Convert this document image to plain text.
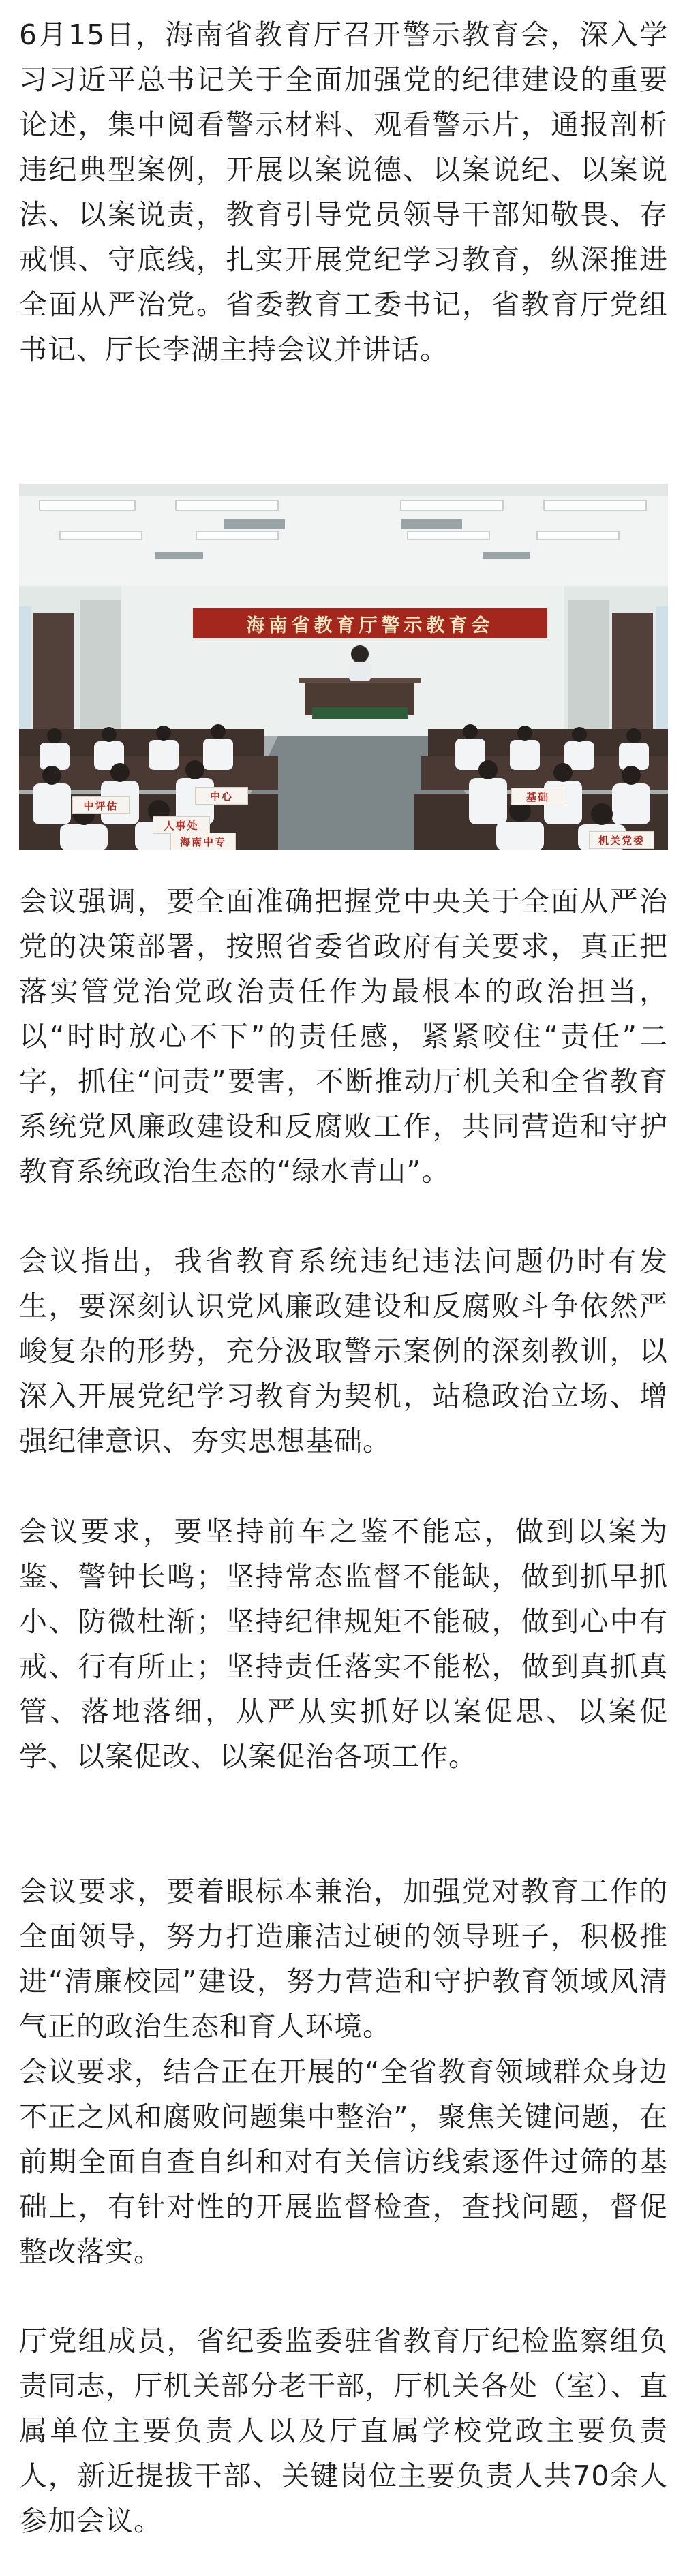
6月15日，海南省教育厅召开警示教育会，深入学习习近平总书记关于全面加强党的纪律建设的重要论述，集中阅看警示材料、观看警示片，通报剖析违纪典型案例，开展以案说德、以案说纪、以案说法、以案说责，教育引导党员领导干部知敬畏、存戒惧、守底线，扎实开展党纪学习教育，纵深推进全面从严治党。省委教育工委书记，省教育厅党组书记、厅长李湖主持会议并讲话。

海南省教育厅警示教育会
中评估
人事处
中心
海南中专	机关党委
基础

会议强调，要全面准确把握党中央关于全面从严治党的决策部署，按照省委省政府有关要求，真正把落实管党治党政治责任作为最根本的政治担当，以“时时放心不下”的责任感，紧紧咬住“责任”二字，抓住“问责”要害，不断推动厅机关和全省教育系统党风廉政建设和反腐败工作，共同营造和守护教育系统政治生态的“绿水青山”。

会议指出，我省教育系统违纪违法问题仍时有发生，要深刻认识党风廉政建设和反腐败斗争依然严峻复杂的形势，充分汲取警示案例的深刻教训，以深入开展党纪学习教育为契机，站稳政治立场、增强纪律意识、夯实思想基础。

会议要求，要坚持前车之鉴不能忘，做到以案为鉴、警钟长鸣；坚持常态监督不能缺，做到抓早抓小、防微杜渐；坚持纪律规矩不能破，做到心中有戒、行有所止；坚持责任落实不能松，做到真抓真管、落地落细，从严从实抓好以案促思、以案促学、以案促改、以案促治各项工作。

会议要求，要着眼标本兼治，加强党对教育工作的全面领导，努力打造廉洁过硬的领导班子，积极推进“清廉校园”建设，努力营造和守护教育领域风清气正的政治生态和育人环境。

会议要求，结合正在开展的“全省教育领域群众身边不正之风和腐败问题集中整治”，聚焦关键问题，在前期全面自查自纠和对有关信访线索逐件过筛的基础上，有针对性的开展监督检查，查找问题，督促整改落实。

厅党组成员，省纪委监委驻省教育厅纪检监察组负责同志，厅机关部分老干部，厅机关各处（室）、直属单位主要负责人以及厅直属学校党政主要负责人，新近提拔干部、关键岗位主要负责人共70余人参加会议。
